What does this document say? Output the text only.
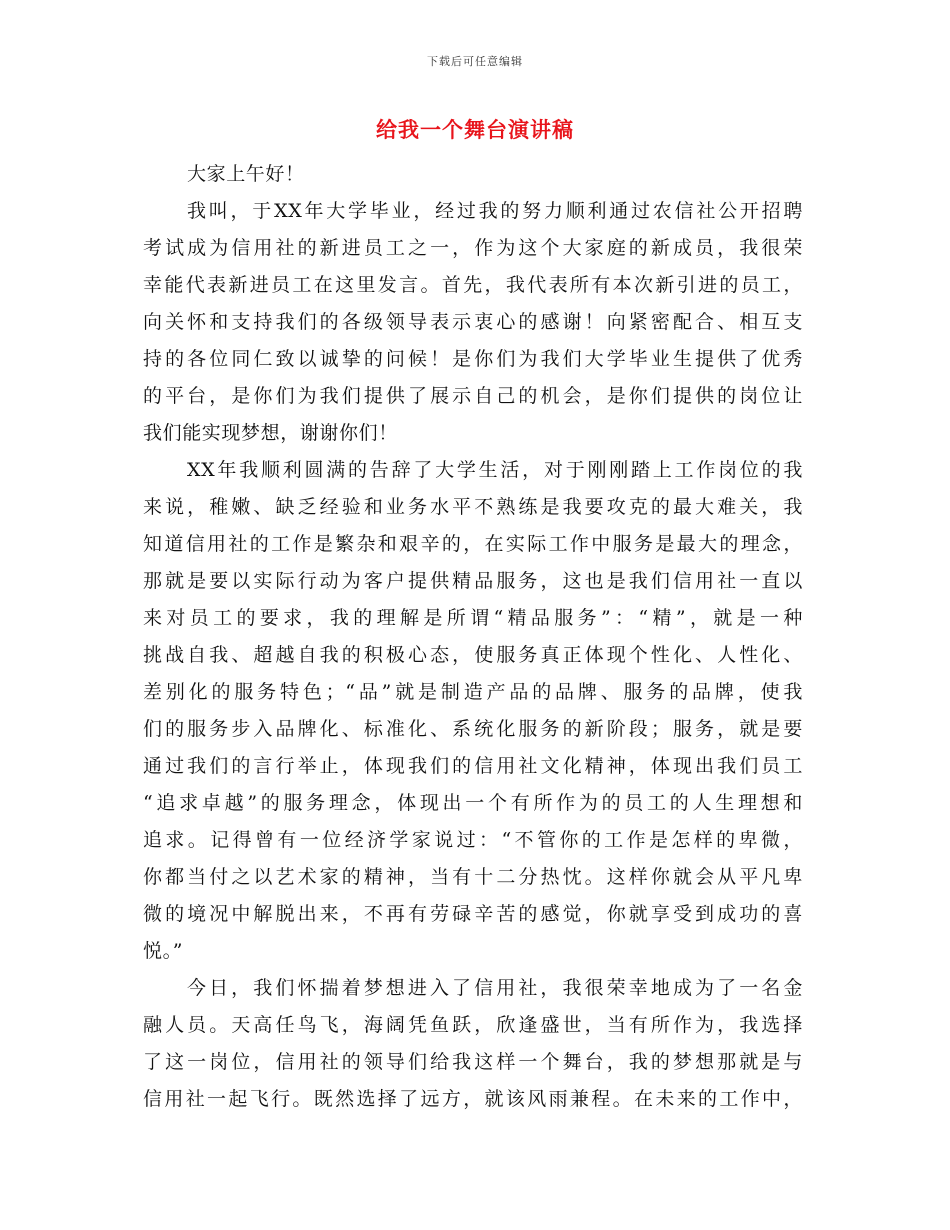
下载后可任意编辑
给我一个舞台演讲稿
大家上午好！
我叫，于XX年大学毕业，经过我的努力顺利通过农信社公开招聘
考试成为信用社的新进员工之一，作为这个大家庭的新成员，我很荣
幸能代表新进员工在这里发言。首先，我代表所有本次新引进的员工，
向关怀和支持我们的各级领导表示衷心的感谢！向紧密配合、相互支
持的各位同仁致以诚挚的问候！是你们为我们大学毕业生提供了优秀
的平台，是你们为我们提供了展示自己的机会，是你们提供的岗位让
我们能实现梦想，谢谢你们！
XX年我顺利圆满的告辞了大学生活，对于刚刚踏上工作岗位的我
来说，稚嫩、缺乏经验和业务水平不熟练是我要攻克的最大难关，我
知道信用社的工作是繁杂和艰辛的，在实际工作中服务是最大的理念，
那就是要以实际行动为客户提供精品服务，这也是我们信用社一直以
来对员工的要求，我的理解是所谓“精品服务”：“精”，就是一种
挑战自我、超越自我的积极心态，使服务真正体现个性化、人性化、
差别化的服务特色；“品”就是制造产品的品牌、服务的品牌，使我
们的服务步入品牌化、标准化、系统化服务的新阶段；服务，就是要
通过我们的言行举止，体现我们的信用社文化精神，体现出我们员工
“追求卓越”的服务理念，体现出一个有所作为的员工的人生理想和
追求。记得曾有一位经济学家说过：“不管你的工作是怎样的卑微，
你都当付之以艺术家的精神，当有十二分热忱。这样你就会从平凡卑
微的境况中解脱出来，不再有劳碌辛苦的感觉，你就享受到成功的喜
悦。”
今日，我们怀揣着梦想进入了信用社，我很荣幸地成为了一名金
融人员。天高任鸟飞，海阔凭鱼跃，欣逢盛世，当有所作为，我选择
了这一岗位，信用社的领导们给我这样一个舞台，我的梦想那就是与
信用社一起飞行。既然选择了远方，就该风雨兼程。在未来的工作中，
